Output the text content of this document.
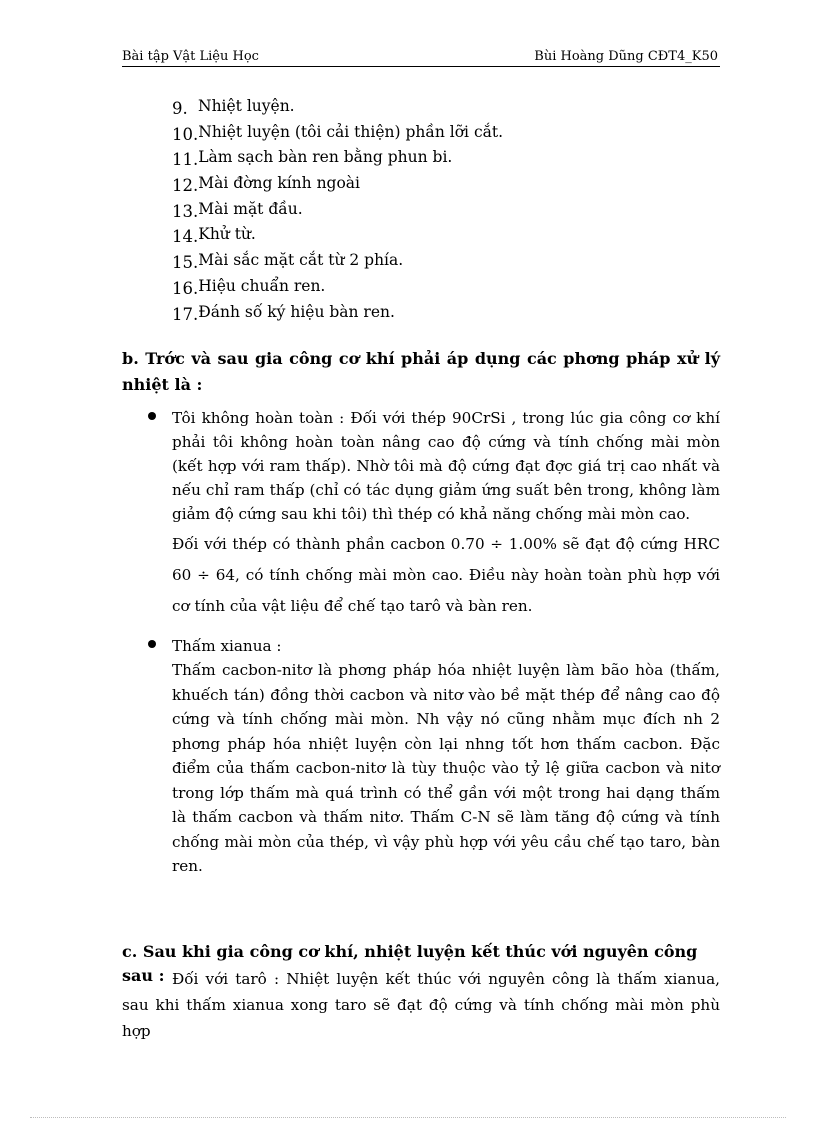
Bài tập Vật Liệu Học	Bùi Hoàng Dũng CĐT4_K50
9. Nhiệt luyện.
10.Nhiệt luyện (tôi cải thiện) phần lỡi cắt.
11.Làm sạch bàn ren bằng phun bi.
12.Mài đờng kính ngoài
13.Mài mặt đầu.
14.Khử từ.
15.Mài sắc mặt cắt từ 2 phía.
16.Hiệu chuẩn ren.
17.Đánh số ký hiệu bàn ren.
b. Trớc và sau gia công cơ khí phải áp dụng các phơng pháp xử lý nhiệt là :
Tôi không hoàn toàn : Đối với thép 90CrSi , trong lúc gia công cơ khí phải tôi không hoàn toàn nâng cao độ cứng và tính chống mài mòn (kết hợp với ram thấp). Nhờ tôi mà độ cứng đạt đợc giá trị cao nhất và nếu chỉ ram thấp (chỉ có tác dụng giảm ứng suất bên trong, không làm giảm độ cứng sau khi tôi) thì thép có khả năng chống mài mòn cao.
Đối với thép có thành phần cacbon 0.70 ÷ 1.00% sẽ đạt độ cứng HRC 60 ÷ 64, có tính chống mài mòn cao. Điều này hoàn toàn phù hợp với cơ tính của vật liệu để chế tạo tarô và bàn ren.
Thấm xianua :
Thấm cacbon-nitơ là phơng pháp hóa nhiệt luyện làm bão hòa (thấm, khuếch tán) đồng thời cacbon và nitơ vào bề mặt thép để nâng cao độ cứng và tính chống mài mòn. Nh vậy nó cũng nhằm mục đích nh 2 phơng pháp hóa nhiệt luyện còn lại nhng tốt hơn thấm cacbon. Đặc điểm của thấm cacbon-nitơ là tùy thuộc vào tỷ lệ giữa cacbon và nitơ trong lớp thấm mà quá trình có thể gần với một trong hai dạng thấm là thấm cacbon và thấm nitơ. Thấm C-N sẽ làm tăng độ cứng và tính chống mài mòn của thép, vì vậy phù hợp với yêu cầu chế tạo taro, bàn ren.
c. Sau khi gia công cơ khí, nhiệt luyện kết thúc với nguyên công sau : Đối với tarô : Nhiệt luyện kết thúc với nguyên công là thấm xianua, sau khi thấm xianua xong taro sẽ đạt độ cứng và tính chống mài mòn phù hợp
